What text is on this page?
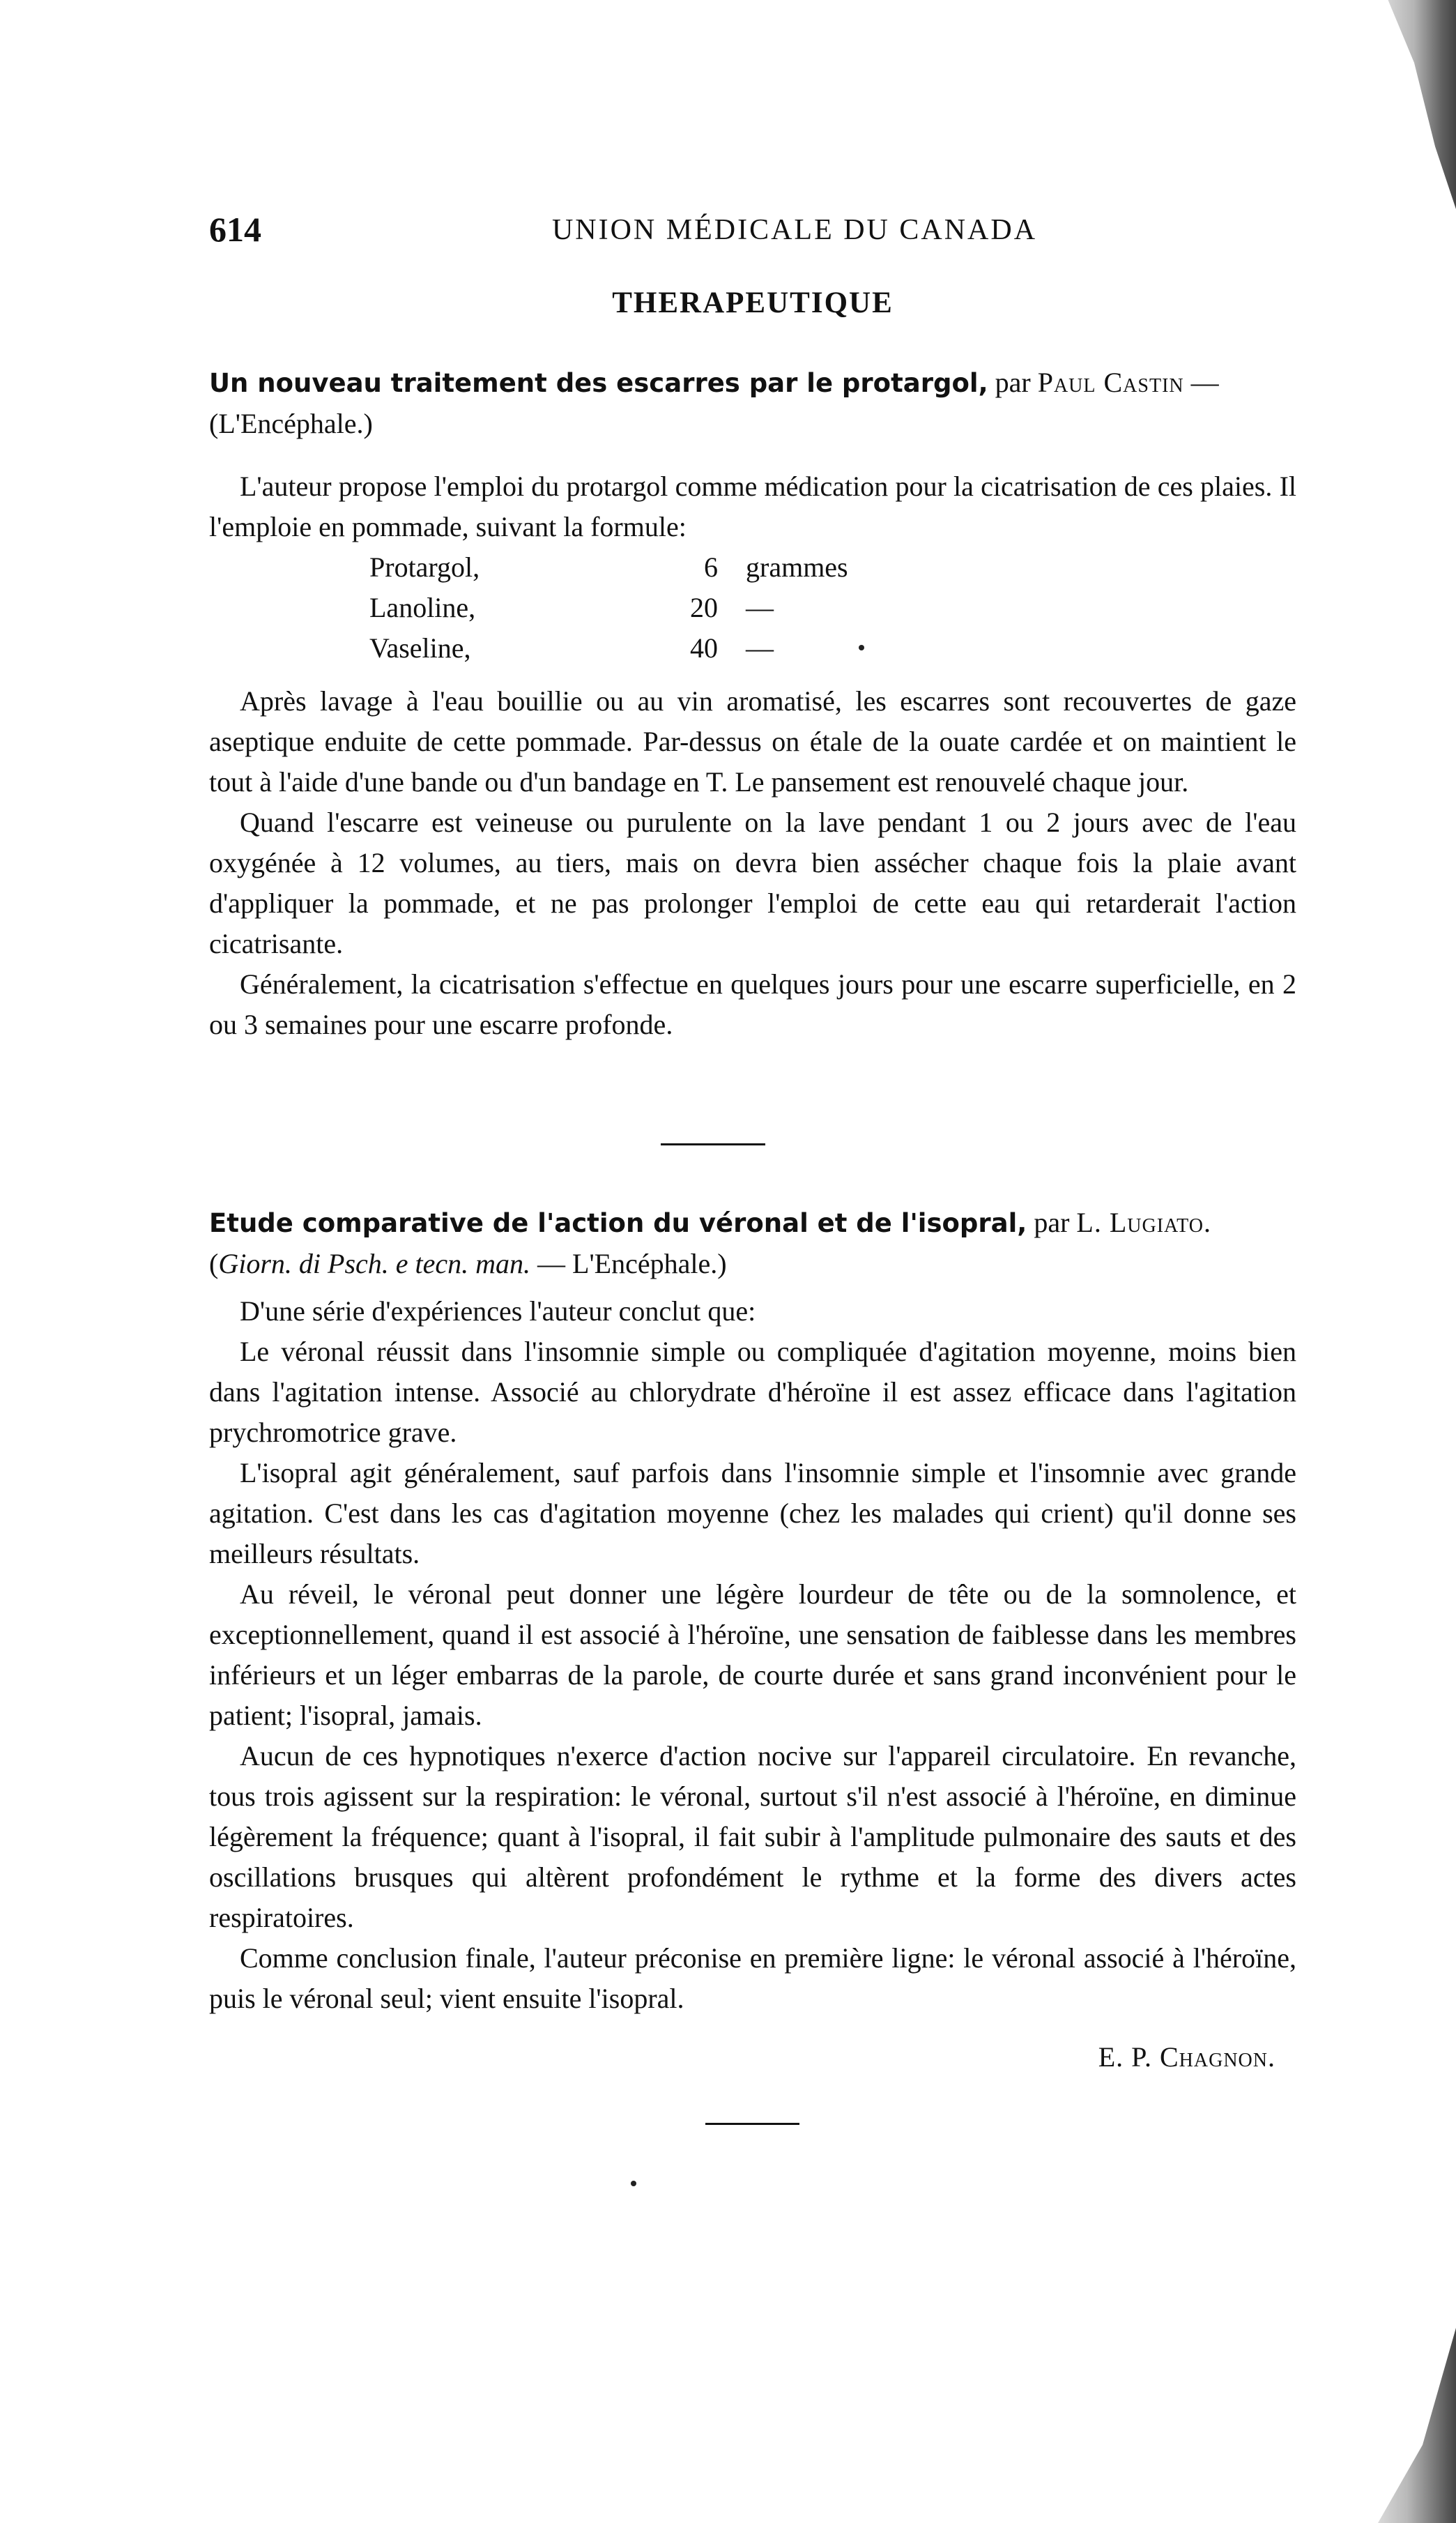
614	UNION MÉDICALE DU CANADA
THERAPEUTIQUE

Un nouveau traitement des escarres par le protargol, par Paul Castin — (L'Encéphale.)

L'auteur propose l'emploi du protargol comme médication pour la cicatrisation de ces plaies. Il l'emploie en pommade, suivant la formule:

Protargol,	6	grammes
Lanoline,	20	—
Vaseline,	40	—

Après lavage à l'eau bouillie ou au vin aromatisé, les escarres sont recouvertes de gaze aseptique enduite de cette pommade. Par-dessus on étale de la ouate cardée et on maintient le tout à l'aide d'une bande ou d'un bandage en T. Le pansement est renouvelé chaque jour.

Quand l'escarre est veineuse ou purulente on la lave pendant 1 ou 2 jours avec de l'eau oxygénée à 12 volumes, au tiers, mais on devra bien assécher chaque fois la plaie avant d'appliquer la pommade, et ne pas prolonger l'emploi de cette eau qui retarderait l'action cicatrisante.

Généralement, la cicatrisation s'effectue en quelques jours pour une escarre superficielle, en 2 ou 3 semaines pour une escarre profonde.

Etude comparative de l'action du véronal et de l'isopral, par L. Lugiato.
(Giorn. di Psch. e tecn. man. — L'Encéphale.)

D'une série d'expériences l'auteur conclut que:

Le véronal réussit dans l'insomnie simple ou compliquée d'agitation moyenne, moins bien dans l'agitation intense. Associé au chlorydrate d'héroïne il est assez efficace dans l'agitation prychromotrice grave.

L'isopral agit généralement, sauf parfois dans l'insomnie simple et l'insomnie avec grande agitation. C'est dans les cas d'agitation moyenne (chez les malades qui crient) qu'il donne ses meilleurs résultats.

Au réveil, le véronal peut donner une légère lourdeur de tête ou de la somnolence, et exceptionnellement, quand il est associé à l'héroïne, une sensation de faiblesse dans les membres inférieurs et un léger embarras de la parole, de courte durée et sans grand inconvénient pour le patient; l'isopral, jamais.

Aucun de ces hypnotiques n'exerce d'action nocive sur l'appareil circulatoire. En revanche, tous trois agissent sur la respiration: le véronal, surtout s'il n'est associé à l'héroïne, en diminue légèrement la fréquence; quant à l'isopral, il fait subir à l'amplitude pulmonaire des sauts et des oscillations brusques qui altèrent profondément le rythme et la forme des divers actes respiratoires.

Comme conclusion finale, l'auteur préconise en première ligne: le véronal associé à l'héroïne, puis le véronal seul; vient ensuite l'isopral.

E. P. Chagnon.
